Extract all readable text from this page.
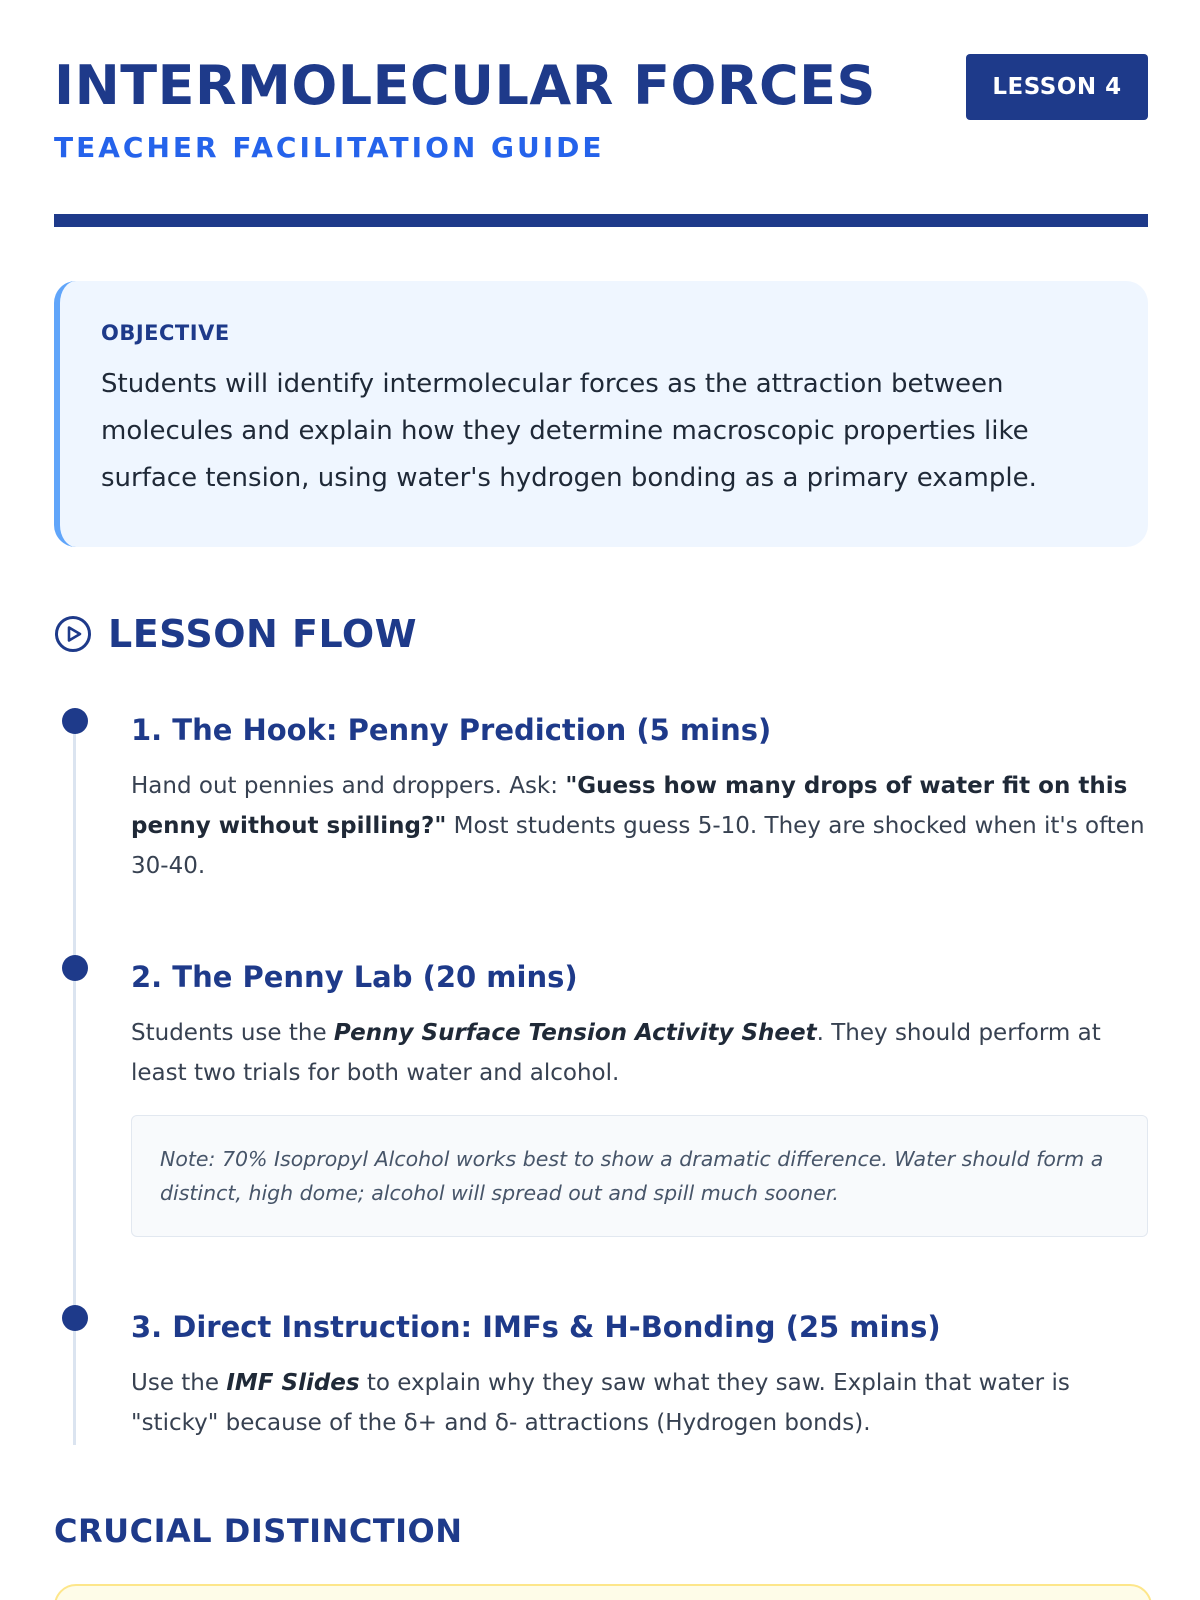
INTERMOLECULAR FORCES
TEACHER FACILITATION GUIDE
LESSON 4
OBJECTIVE
Students will identify intermolecular forces as the attraction between molecules and explain how they determine macroscopic properties like surface tension, using water's hydrogen bonding as a primary example.
LESSON FLOW
1. The Hook: Penny Prediction (5 mins)
Hand out pennies and droppers. Ask: "Guess how many drops of water fit on this penny without spilling?" Most students guess 5-10. They are shocked when it's often 30-40.
2. The Penny Lab (20 mins)
Students use the Penny Surface Tension Activity Sheet. They should perform at least two trials for both water and alcohol.
Note: 70% Isopropyl Alcohol works best to show a dramatic difference. Water should form a distinct, high dome; alcohol will spread out and spill much sooner.
3. Direct Instruction: IMFs & H-Bonding (25 mins)
Use the IMF Slides to explain why they saw what they saw. Explain that water is "sticky" because of the δ+ and δ- attractions (Hydrogen bonds).
CRUCIAL DISTINCTION
